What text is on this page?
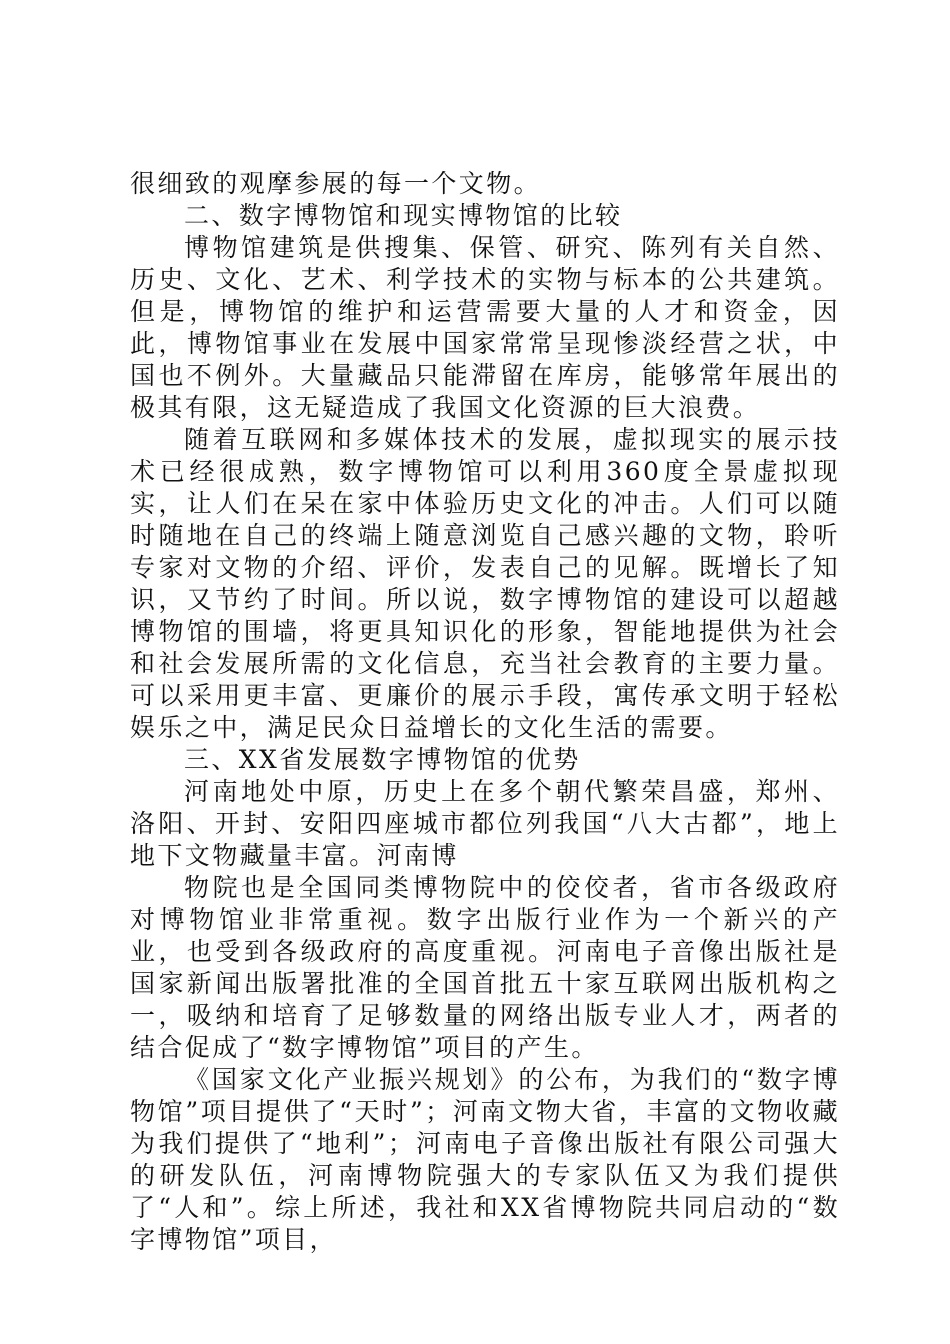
很细致的观摩参展的每一个文物。

二、数字博物馆和现实博物馆的比较

博物馆建筑是供搜集、保管、研究、陈列有关自然、历史、文化、艺术、利学技术的实物与标本的公共建筑。但是，博物馆的维护和运营需要大量的人才和资金，因此，博物馆事业在发展中国家常常呈现惨淡经营之状，中国也不例外。大量藏品只能滞留在库房，能够常年展出的极其有限，这无疑造成了我国文化资源的巨大浪费。

随着互联网和多媒体技术的发展，虚拟现实的展示技术已经很成熟，数字博物馆可以利用360度全景虚拟现实，让人们在呆在家中体验历史文化的冲击。人们可以随时随地在自己的终端上随意浏览自己感兴趣的文物，聆听专家对文物的介绍、评价，发表自己的见解。既增长了知识，又节约了时间。所以说，数字博物馆的建设可以超越博物馆的围墙，将更具知识化的形象，智能地提供为社会和社会发展所需的文化信息，充当社会教育的主要力量。可以采用更丰富、更廉价的展示手段，寓传承文明于轻松娱乐之中，满足民众日益增长的文化生活的需要。

三、XX省发展数字博物馆的优势

河南地处中原，历史上在多个朝代繁荣昌盛，郑州、洛阳、开封、安阳四座城市都位列我国“八大古都”，地上地下文物藏量丰富。河南博

物院也是全国同类博物院中的佼佼者，省市各级政府对博物馆业非常重视。数字出版行业作为一个新兴的产业，也受到各级政府的高度重视。河南电子音像出版社是国家新闻出版署批准的全国首批五十家互联网出版机构之一，吸纳和培育了足够数量的网络出版专业人才，两者的结合促成了“数字博物馆”项目的产生。

《国家文化产业振兴规划》的公布，为我们的“数字博物馆”项目提供了“天时”；河南文物大省，丰富的文物收藏为我们提供了“地利”；河南电子音像出版社有限公司强大的研发队伍，河南博物院强大的专家队伍又为我们提供了“人和”。综上所述，我社和XX省博物院共同启动的“数字博物馆”项目，
